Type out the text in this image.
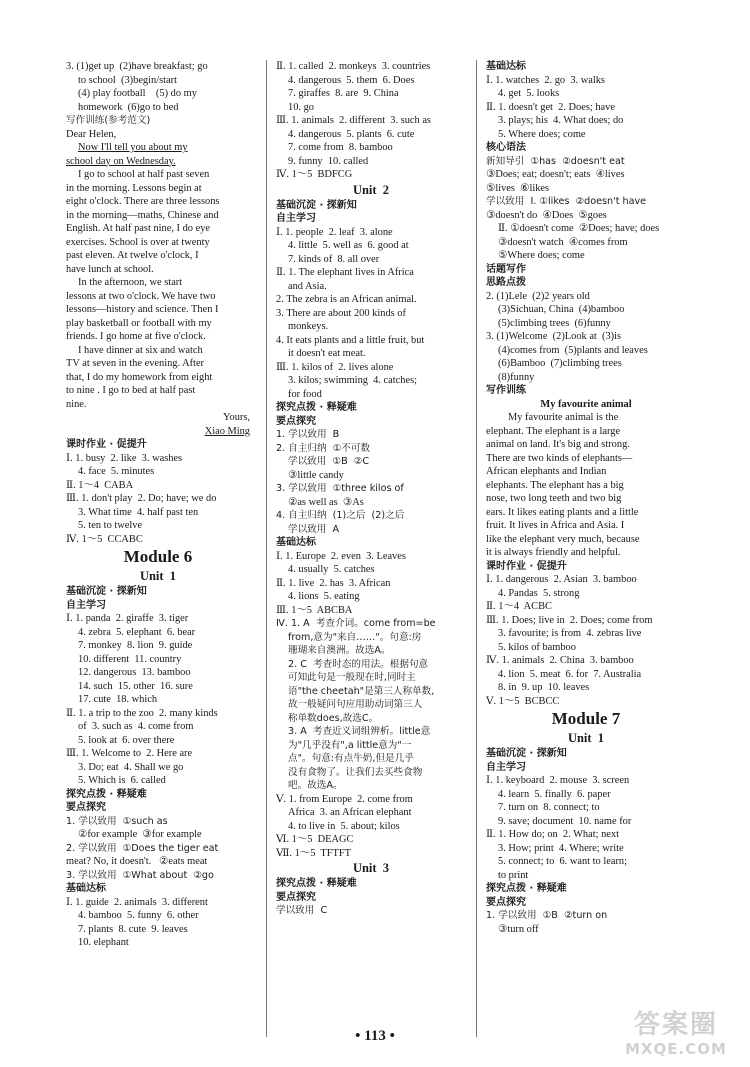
3. (1)get up  (2)have breakfast; go
to school  (3)begin/start
(4) play football    (5) do my
homework  (6)go to bed
写作训练(参考范文)
Dear Helen,
Now I'll tell you about my
school day on Wednesday.
I go to school at half past seven
in the morning. Lessons begin at
eight o'clock. There are three lessons
in the morning—maths, Chinese and
English. At half past nine, I do eye
exercises. School is over at twenty
past eleven. At twelve o'clock, I
have lunch at school.
In the afternoon, we start
lessons at two o'clock. We have two
lessons—history and science. Then I
play basketball or football with my
friends. I go home at five o'clock.
I have dinner at six and watch
TV at seven in the evening. After
that, I do my homework from eight
to nine . I go to bed at half past
nine.
Yours,
Xiao Ming
课时作业 · 促提升
Ⅰ. 1. busy  2. like  3. washes
4. face  5. minutes
Ⅱ. 1～4  CABA
Ⅲ. 1. don't play  2. Do; have; we do
3. What time  4. half past ten
5. ten to twelve
Ⅳ. 1～5  CCABC
Module 6
Unit  1
基础沉淀 · 探新知
自主学习
Ⅰ. 1. panda  2. giraffe  3. tiger
4. zebra  5. elephant  6. bear
7. monkey  8. lion  9. guide
10. different  11. country
12. dangerous  13. bamboo
14. such  15. other  16. sure
17. cute  18. which
Ⅱ. 1. a trip to the zoo  2. many kinds
of  3. such as  4. come from
5. look at  6. over there
Ⅲ. 1. Welcome to  2. Here are
3. Do; eat  4. Shall we go
5. Which is  6. called
探究点拨 · 释疑难
要点探究
1. 学以致用  ①such as
②for example  ③for example
2. 学以致用  ①Does the tiger eat
meat? No, it doesn't.   ②eats meat
3. 学以致用  ①What about  ②go
基础达标
Ⅰ. 1. guide  2. animals  3. different
4. bamboo  5. funny  6. other
7. plants  8. cute  9. leaves
10. elephant
Ⅱ. 1. called  2. monkeys  3. countries
4. dangerous  5. them  6. Does
7. giraffes  8. are  9. China
10. go
Ⅲ. 1. animals  2. different  3. such as
4. dangerous  5. plants  6. cute
7. come from  8. bamboo
9. funny  10. called
Ⅳ. 1～5  BDFCG
Unit  2
基础沉淀 · 探新知
自主学习
Ⅰ. 1. people  2. leaf  3. alone
4. little  5. well as  6. good at
7. kinds of  8. all over
Ⅱ. 1. The elephant lives in Africa
and Asia.
2. The zebra is an African animal.
3. There are about 200 kinds of
monkeys.
4. It eats plants and a little fruit, but
it doesn't eat meat.
Ⅲ. 1. kilos of  2. lives alone
3. kilos; swimming  4. catches;
for food
探究点拨 · 释疑难
要点探究
1. 学以致用  B
2. 自主归纳  ①不可数
学以致用  ①B  ②C
③little candy
3. 学以致用  ①three kilos of
②as well as  ③As
4. 自主归纳  (1)之后  (2)之后
学以致用  A
基础达标
Ⅰ. 1. Europe  2. even  3. Leaves
4. usually  5. catches
Ⅱ. 1. live  2. has  3. African
4. lions  5. eating
Ⅲ. 1～5  ABCBA
Ⅳ. 1. A  考查介词。come from=be
from,意为"来自……"。句意:房
珊瑚来自澳洲。故选A。
2. C  考查时态的用法。根据句意
可知此句是一般现在时,同时主
语"the cheetah"是第三人称单数,
故一般疑问句应用助动词第三人
称单数does,故选C。
3. A  考查近义词组辨析。little意
为"几乎没有",a little意为"一
点"。句意:有点牛奶,但是几乎
没有食物了。让我们去买些食物
吧。故选A。
Ⅴ. 1. from Europe  2. come from
Africa  3. an African elephant
4. to live in  5. about; kilos
Ⅵ. 1～5  DEAGC
Ⅶ. 1～5  TFTFT
Unit  3
探究点拨 · 释疑难
要点探究
学以致用  C
基础达标
Ⅰ. 1. watches  2. go  3. walks
4. get  5. looks
Ⅱ. 1. doesn't get  2. Does; have
3. plays; his  4. What does; do
5. Where does; come
核心语法
新知导引  ①has  ②doesn't eat
③Does; eat; doesn't; eats  ④lives
⑤lives  ⑥likes
学以致用  Ⅰ. ①likes  ②doesn't have
③doesn't do  ④Does  ⑤goes
Ⅱ. ①doesn't come  ②Does; have; does
③doesn't watch  ④comes from
⑤Where does; come
话题写作
思路点拨
2. (1)Lele  (2)2 years old
(3)Sichuan, China  (4)bamboo
(5)climbing trees  (6)funny
3. (1)Welcome  (2)Look at  (3)is
(4)comes from  (5)plants and leaves
(6)Bamboo  (7)climbing trees
(8)funny
写作训练
My favourite animal
My favourite animal is the
elephant. The elephant is a large
animal on land. It's big and strong.
There are two kinds of elephants—
African elephants and Indian
elephants. The elephant has a big
nose, two long teeth and two big
ears. It likes eating plants and a little
fruit. It lives in Africa and Asia. I
like the elephant very much, because
it is always friendly and helpful.
课时作业 · 促提升
Ⅰ. 1. dangerous  2. Asian  3. bamboo
4. Pandas  5. strong
Ⅱ. 1～4  ACBC
Ⅲ. 1. Does; live in  2. Does; come from
3. favourite; is from  4. zebras live
5. kilos of bamboo
Ⅳ. 1. animals  2. China  3. bamboo
4. lion  5. meat  6. for  7. Australia
8. in  9. up  10. leaves
Ⅴ. 1～5  BCBCC
Module 7
Unit  1
基础沉淀 · 探新知
自主学习
Ⅰ. 1. keyboard  2. mouse  3. screen
4. learn  5. finally  6. paper
7. turn on  8. connect; to
9. save; document  10. name for
Ⅱ. 1. How do; on  2. What; next
3. How; print  4. Where; write
5. connect; to  6. want to learn;
to print
探究点拨 · 释疑难
要点探究
1. 学以致用  ①B  ②turn on
③turn off
• 113 •	答案圈
MXQE.COM
